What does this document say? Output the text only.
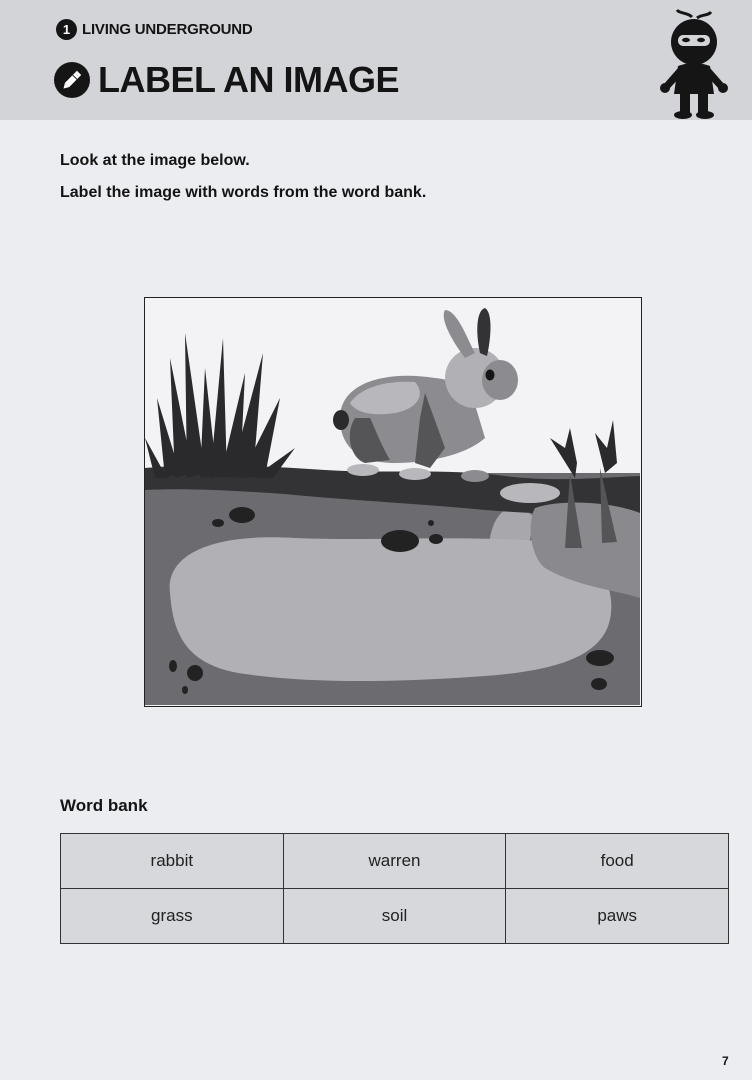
1 LIVING UNDERGROUND
LABEL AN IMAGE
Look at the image below.
Label the image with words from the word bank.
Word bank
rabbit	warren	food
grass	soil	paws
7
